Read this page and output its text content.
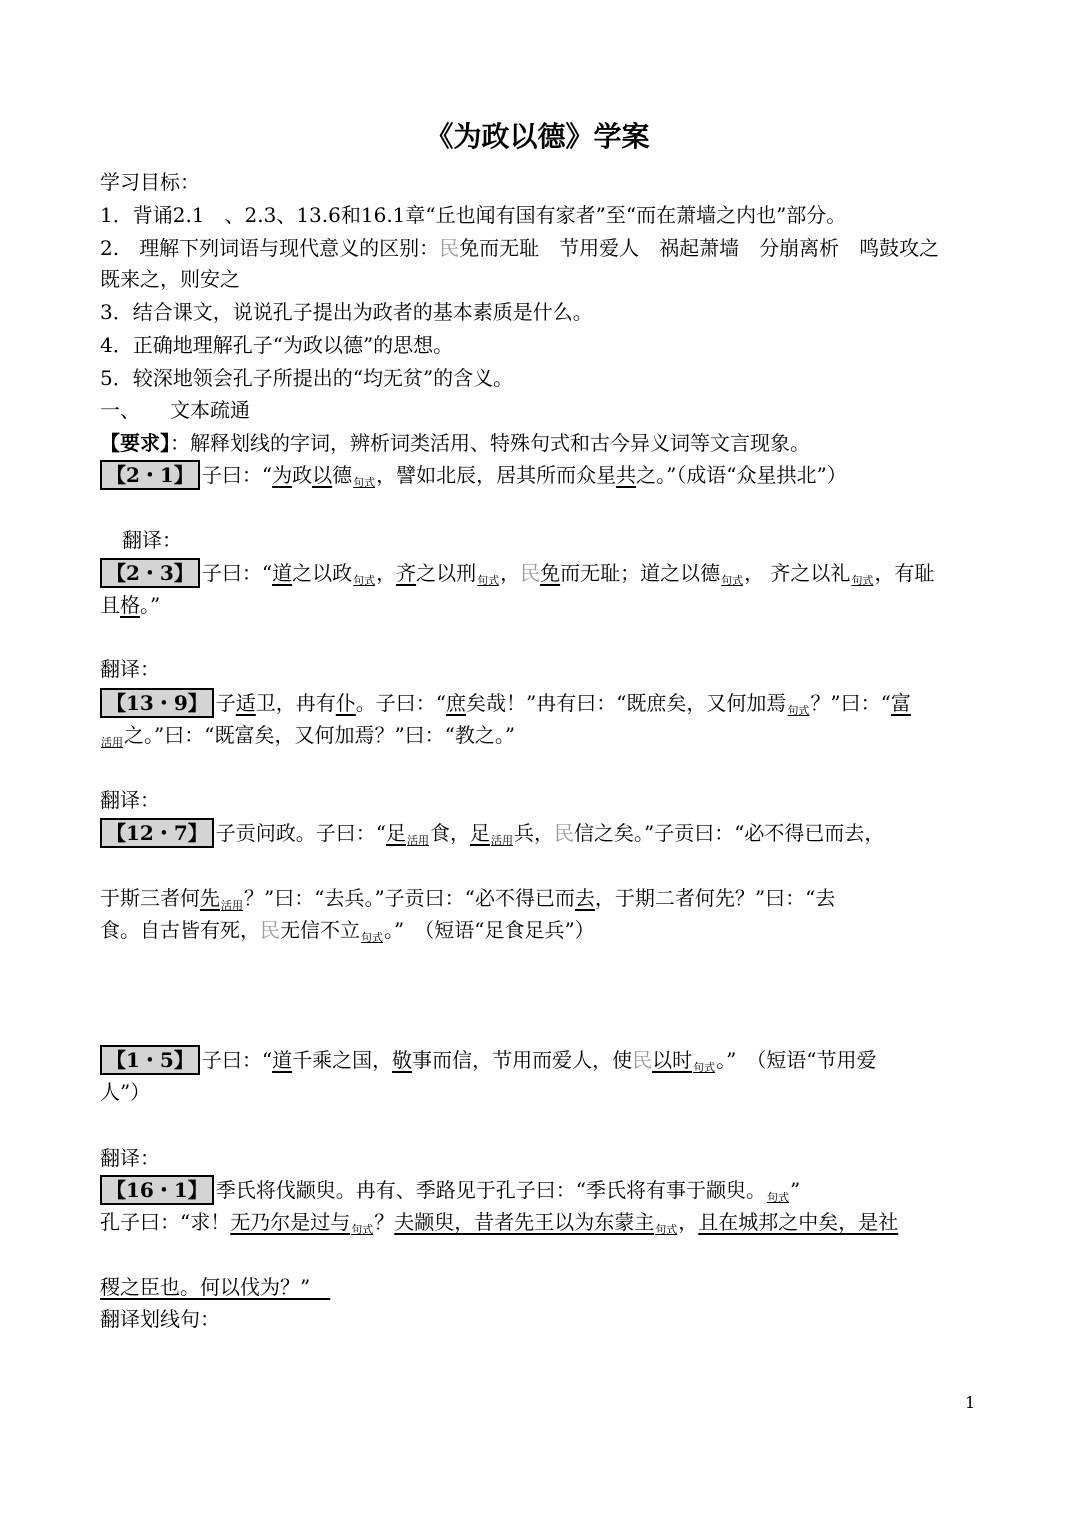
《为政以德》学案
学习目标：
1．背诵2.1　、2.3、13.6和16.1章“丘也闻有国有家者”至“而在萧墙之内也”部分。
2.　理解下列词语与现代意义的区别：民免而无耻　节用爱人　祸起萧墙　分崩离析　鸣鼓攻之
既来之，则安之
3．结合课文，说说孔子提出为政者的基本素质是什么。
4．正确地理解孔子“为政以德”的思想。
5．较深地领会孔子所提出的“均无贫”的含义。
一、　　文本疏通
【要求】：解释划线的字词，辨析词类活用、特殊句式和古今异义词等文言现象。
【2・1】 子曰：“为政以德$_{句式}$，譬如北辰，居其所而众星共之。”（成语“众星拱北”）
翻译：
【2・3】 子曰：“道之以政$_{句式}$，齐之以刑$_{句式}$，民免而无耻；道之以德$_{句式}$， 齐之以礼$_{句式}$，有耻
且格。”
翻译：
【13・9】 子适卫，冉有仆。子曰：“庶矣哉！”冉有曰：“既庶矣，又何加焉$_{句式}$？”曰：“富
$_{活用}$之。”曰：“既富矣，又何加焉？”曰：“教之。”
翻译：
【12・7】 子贡问政。子曰：“足$_{活用}$食，足$_{活用}$兵，民信之矣。”子贡曰：“必不得已而去，
于斯三者何先$_{活用}$？”曰：“去兵。”子贡曰：“必不得已而去，于期二者何先？”曰：“去
食。自古皆有死，民无信不立$_{句式}$。”　（短语“足食足兵”）
【1・5】 子曰：“道千乘之国，敬事而信，节用而爱人，使民以时$_{句式}$。”　（短语“节用爱
人”）
翻译：
【16・1】 季氏将伐颛臾。冉有、季路见于孔子曰：“季氏将有事于颛臾。$_{句式}$”
孔子曰：“求！无乃尔是过与$_{句式}$？夫颛臾，昔者先王以为东蒙主$_{句式}$，且在城邦之中矣，是社
稷之臣也。何以伐为？”　
翻译划线句：
1
